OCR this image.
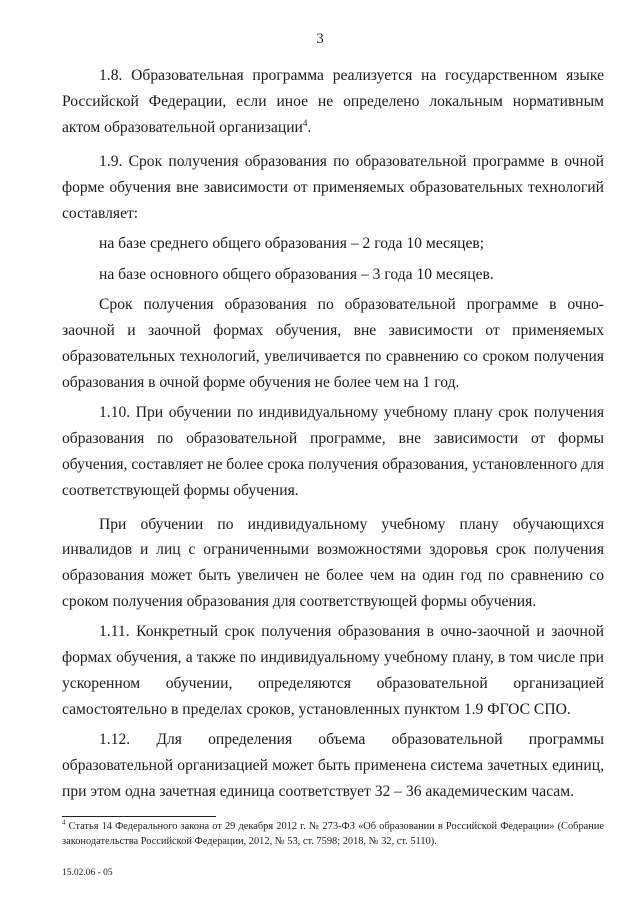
3

1.8. Образовательная программа реализуется на государственном языке Российской Федерации, если иное не определено локальным нормативным актом образовательной организации$^4$.

1.9. Срок получения образования по образовательной программе в очной форме обучения вне зависимости от применяемых образовательных технологий составляет:

на базе среднего общего образования – 2 года 10 месяцев;

на базе основного общего образования – 3 года 10 месяцев.

Срок получения образования по образовательной программе в очно-заочной и заочной формах обучения, вне зависимости от применяемых образовательных технологий, увеличивается по сравнению со сроком получения образования в очной форме обучения не более чем на 1 год.

1.10. При обучении по индивидуальному учебному плану срок получения образования по образовательной программе, вне зависимости от формы обучения, составляет не более срока получения образования, установленного для соответствующей формы обучения.

При обучении по индивидуальному учебному плану обучающихся инвалидов и лиц с ограниченными возможностями здоровья срок получения образования может быть увеличен не более чем на один год по сравнению со сроком получения образования для соответствующей формы обучения.

1.11. Конкретный срок получения образования в очно-заочной и заочной формах обучения, а также по индивидуальному учебному плану, в том числе при ускоренном обучении, определяются образовательной организацией самостоятельно в пределах сроков, установленных пунктом 1.9 ФГОС СПО.

1.12. Для определения объема образовательной программы образовательной организацией может быть применена система зачетных единиц, при этом одна зачетная единица соответствует 32 – 36 академическим часам.

$^4$ Статья 14 Федерального закона от 29 декабря 2012 г. № 273-ФЗ «Об образовании в Российской Федерации» (Собрание законодательства Российской Федерации, 2012, № 53, ст. 7598; 2018, № 32, ст. 5110).
15.02.06 - 05
